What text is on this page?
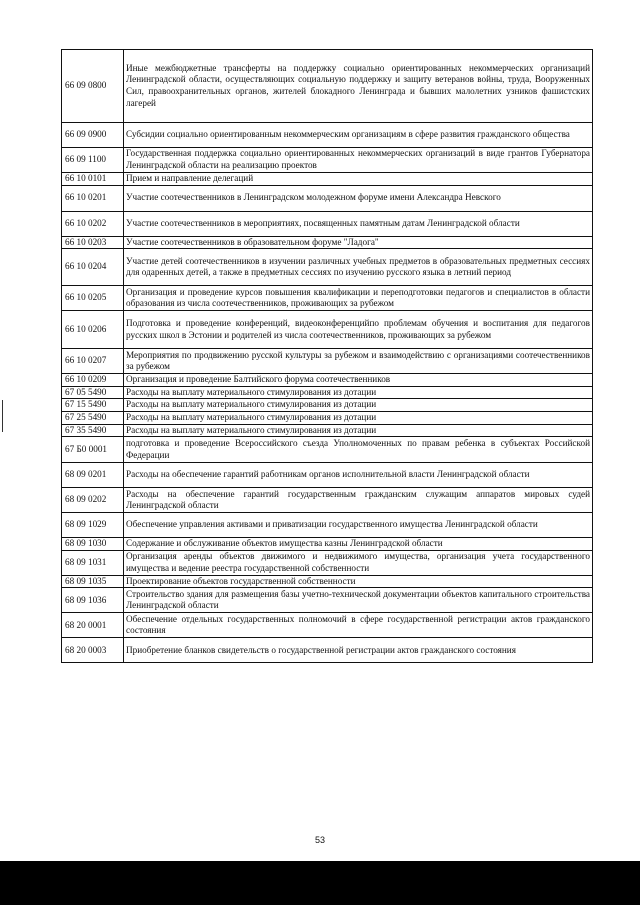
66 09 0800	Иные межбюджетные трансферты на поддержку социально ориентированных некоммерческих организаций Ленинградской области, осуществляющих социальную поддержку и защиту ветеранов войны, труда, Вооруженных Сил, правоохранительных органов, жителей блокадного Ленинграда и бывших малолетних узников фашистских лагерей
66 09 0900	Субсидии социально ориентированным некоммерческим организациям в сфере развития гражданского общества
66 09 1100	Государственная поддержка социально ориентированных некоммерческих организаций в виде грантов Губернатора Ленинградской области на реализацию проектов
66 10 0101	Прием и направление делегаций
66 10 0201	Участие соотечественников в Ленинградском молодежном форуме имени Александра Невского
66 10 0202	Участие соотечественников в мероприятиях, посвященных памятным датам Ленинградской области
66 10 0203	Участие соотечественников в образовательном форуме "Ладога"
66 10 0204	Участие детей соотечественников в изучении различных учебных предметов в образовательных предметных сессиях для одаренных детей, а также в предметных сессиях по изучению русского языка в летний период
66 10 0205	Организация и проведение курсов повышения квалификации и переподготовки педагогов и специалистов в области образования из числа соотечественников, проживающих за рубежом
66 10 0206	Подготовка и проведение конференций, видеоконференцийпо проблемам обучения и воспитания для педагогов русских школ в Эстонии и родителей из числа соотечественников, проживающих за рубежом
66 10 0207	Мероприятия по продвижению русской культуры за рубежом и взаимодействию с организациями соотечественников за рубежом
66 10 0209	Организация и проведение Балтийского форума соотечественников
67 05 5490	Расходы на выплату материального стимулирования из дотации
67 15 5490	Расходы на выплату материального стимулирования из дотации
67 25 5490	Расходы на выплату материального стимулирования из дотации
67 35 5490	Расходы на выплату материального стимулирования из дотации
67 Б0 0001	подготовка и проведение Всероссийского съезда Уполномоченных по правам ребенка в субъектах Российской Федерации
68 09 0201	Расходы на обеспечение гарантий работникам органов исполнительной власти Ленинградской области
68 09 0202	Расходы на обеспечение гарантий государственным гражданским служащим аппаратов мировых судей Ленинградской области
68 09 1029	Обеспечение управления активами и приватизации государственного имущества Ленинградской области
68 09 1030	Содержание и обслуживание объектов имущества казны Ленинградской области
68 09 1031	Организация аренды объектов движимого и недвижимого имущества, организация учета государственного имущества и ведение реестра государственной собственности
68 09 1035	Проектирование объектов государственной собственности
68 09 1036	Строительство здания для размещения базы учетно-технической документации объектов капитального строительства Ленинградской области
68 20 0001	Обеспечение отдельных государственных полномочий в сфере государственной регистрации актов гражданского состояния
68 20 0003	Приобретение бланков свидетельств о государственной регистрации актов гражданского состояния
53
